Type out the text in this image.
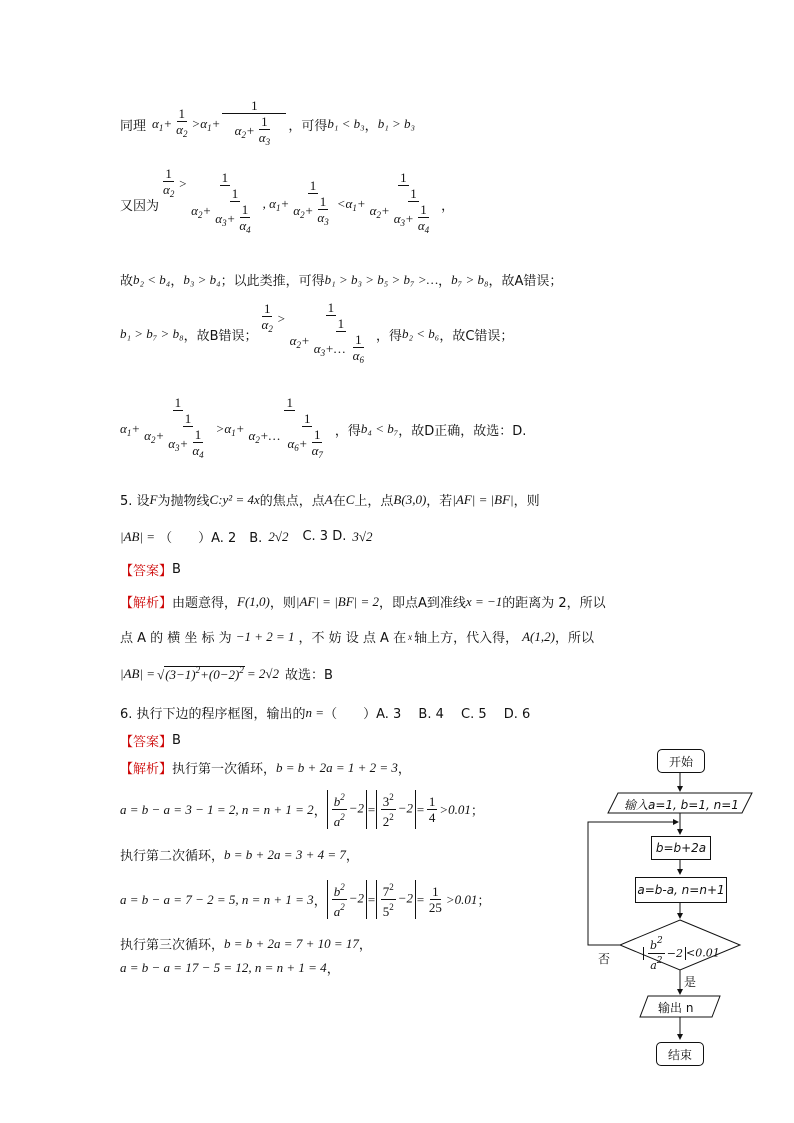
同理 $\alpha_1+ \frac{1}{\alpha_2} >\alpha_1+ \frac{1}{\alpha_2+ \frac{1}{\alpha_3}}$ ，可得 b₁ < b₃ ， b₁ > b₃
又因为
$\frac{1}{\alpha_2} > \frac{1}{\alpha_2+ \frac{1}{\alpha_3+ \frac{1}{\alpha_4}}}$ , $\alpha_1+ \frac{1}{\alpha_2+ \frac{1}{\alpha_3}} <\alpha_1+ \frac{1}{\alpha_2+ \frac{1}{\alpha_3+ \frac{1}{\alpha_4}}}$ ，
故 b₂ < b₄ ， b₃ > b₄ ；以此类推，可得 b₁ > b₃ > b₅ > b₇ >… ， b₇ > b₈ ，故A错误；
b₁ > b₇ > b₈ ，故B错误； $\frac{1}{\alpha_2} > \frac{1}{\alpha_2+ \frac{1}{\alpha_3+\dots \frac{1}{\alpha_6}}}$ ，得 b₂ < b₆ ，故C错误；
$\alpha_1+ \frac{1}{\alpha_2+ \frac{1}{\alpha_3+ \frac{1}{\alpha_4}}} >\alpha_1+ \frac{1}{\alpha_2+\dots \frac{1}{\alpha_6+ \frac{1}{\alpha_7}}}$ ，得 b₄ < b₇ ，故D正确，故选：D.
5. 设 F 为抛物线 C : y² = 4x 的焦点，点 A 在 C 上，点 B(3,0) ，若 |AF| = |BF| ，则
|AB| = （　　）A. 2　B. 2√2 C. 3 D. 3√2
【答案】 B
【解析】 由题意得， F(1,0) ，则 |AF| = |BF| = 2 ，即点A到准线 x = −1 的距离为 2，所以
点 A 的 横 坐 标 为 −1 + 2 = 1 ，不 妨 设 点 A 在 x 轴上方，代入得， A(1,2) ，所以
$|AB| = √(3-1)^2+(0-2)^2 = 2√2$ 故选：B
6. 执行下边的程序框图，输出的 n = （　　）A. 3　 B. 4　 C. 5　 D. 6
【答案】 B
【解析】 执行第一次循环， b = b + 2a = 1 + 2 = 3 ，
a = b − a = 3 − 1 = 2, n = n + 1 = 2 ， $\frac{b^2}{a^2} -2 = \frac{3^2}{2^2} -2 = \frac{1}{4} >0.01$ ；
执行第二次循环， b = b + 2a = 3 + 4 = 7 ，
a = b − a = 7 − 2 = 5, n = n + 1 = 3 ， $\frac{b^2}{a^2} -2 = \frac{7^2}{5^2} -2 = \frac{1}{25} >0.01$ ；
执行第三次循环， b = b + 2a = 7 + 10 = 17 ，
a = b − a = 17 − 5 = 12, n = n + 1 = 4 ，
开始
输入a=1, b=1, n=1
b=b+2a
a=b-a, n=n+1
$\frac{b^2}{a^2} -2 <0.01$
否
是
输出 n
结束
